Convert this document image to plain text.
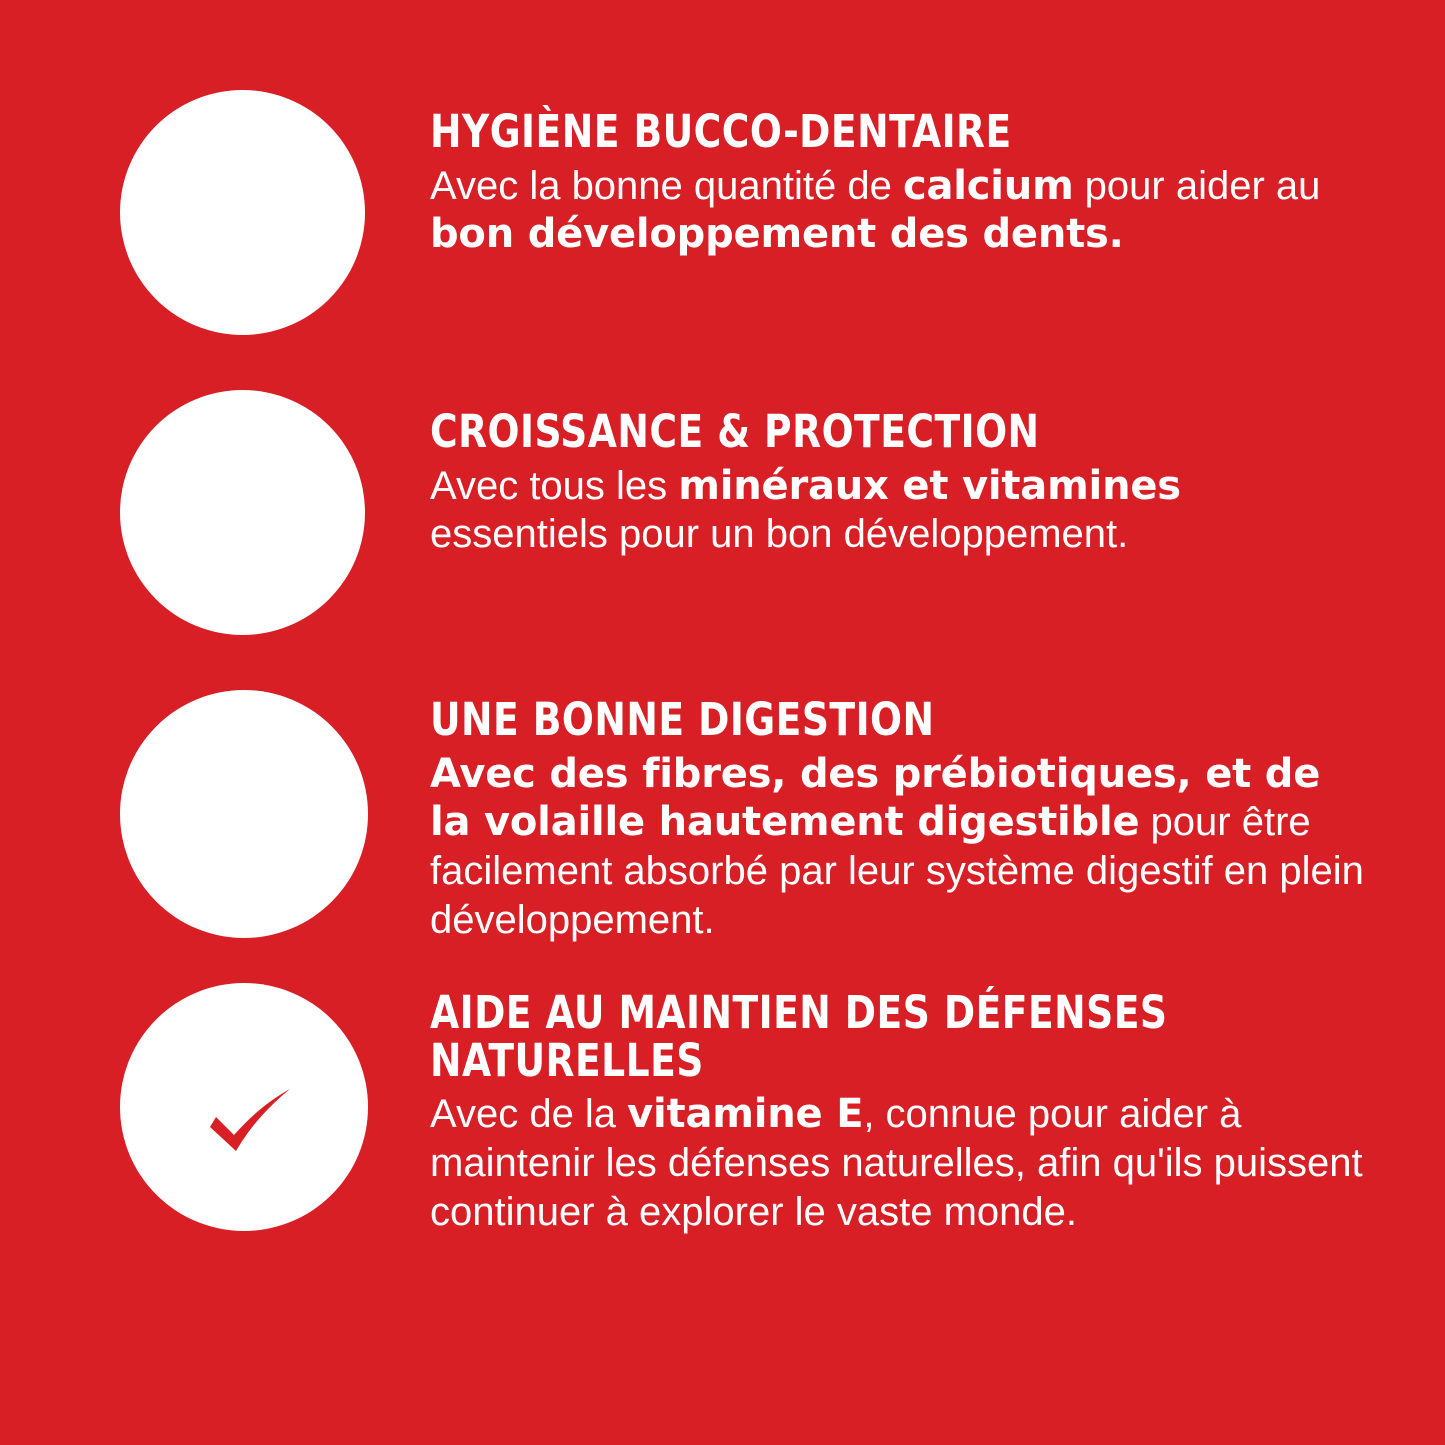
HYGIÈNE BUCCO-DENTAIRE

Avec la bonne quantité de calcium pour aider au bon développement des dents.

CROISSANCE & PROTECTION

Avec tous les minéraux et vitamines essentiels pour un bon développement.

UNE BONNE DIGESTION

Avec des fibres, des prébiotiques, et de la volaille hautement digestible pour être facilement absorbé par leur système digestif en plein développement.

AIDE AU MAINTIEN DES DÉFENSES NATURELLES

Avec de la vitamine E, connue pour aider à maintenir les défenses naturelles, afin qu'ils puissent continuer à explorer le vaste monde.
